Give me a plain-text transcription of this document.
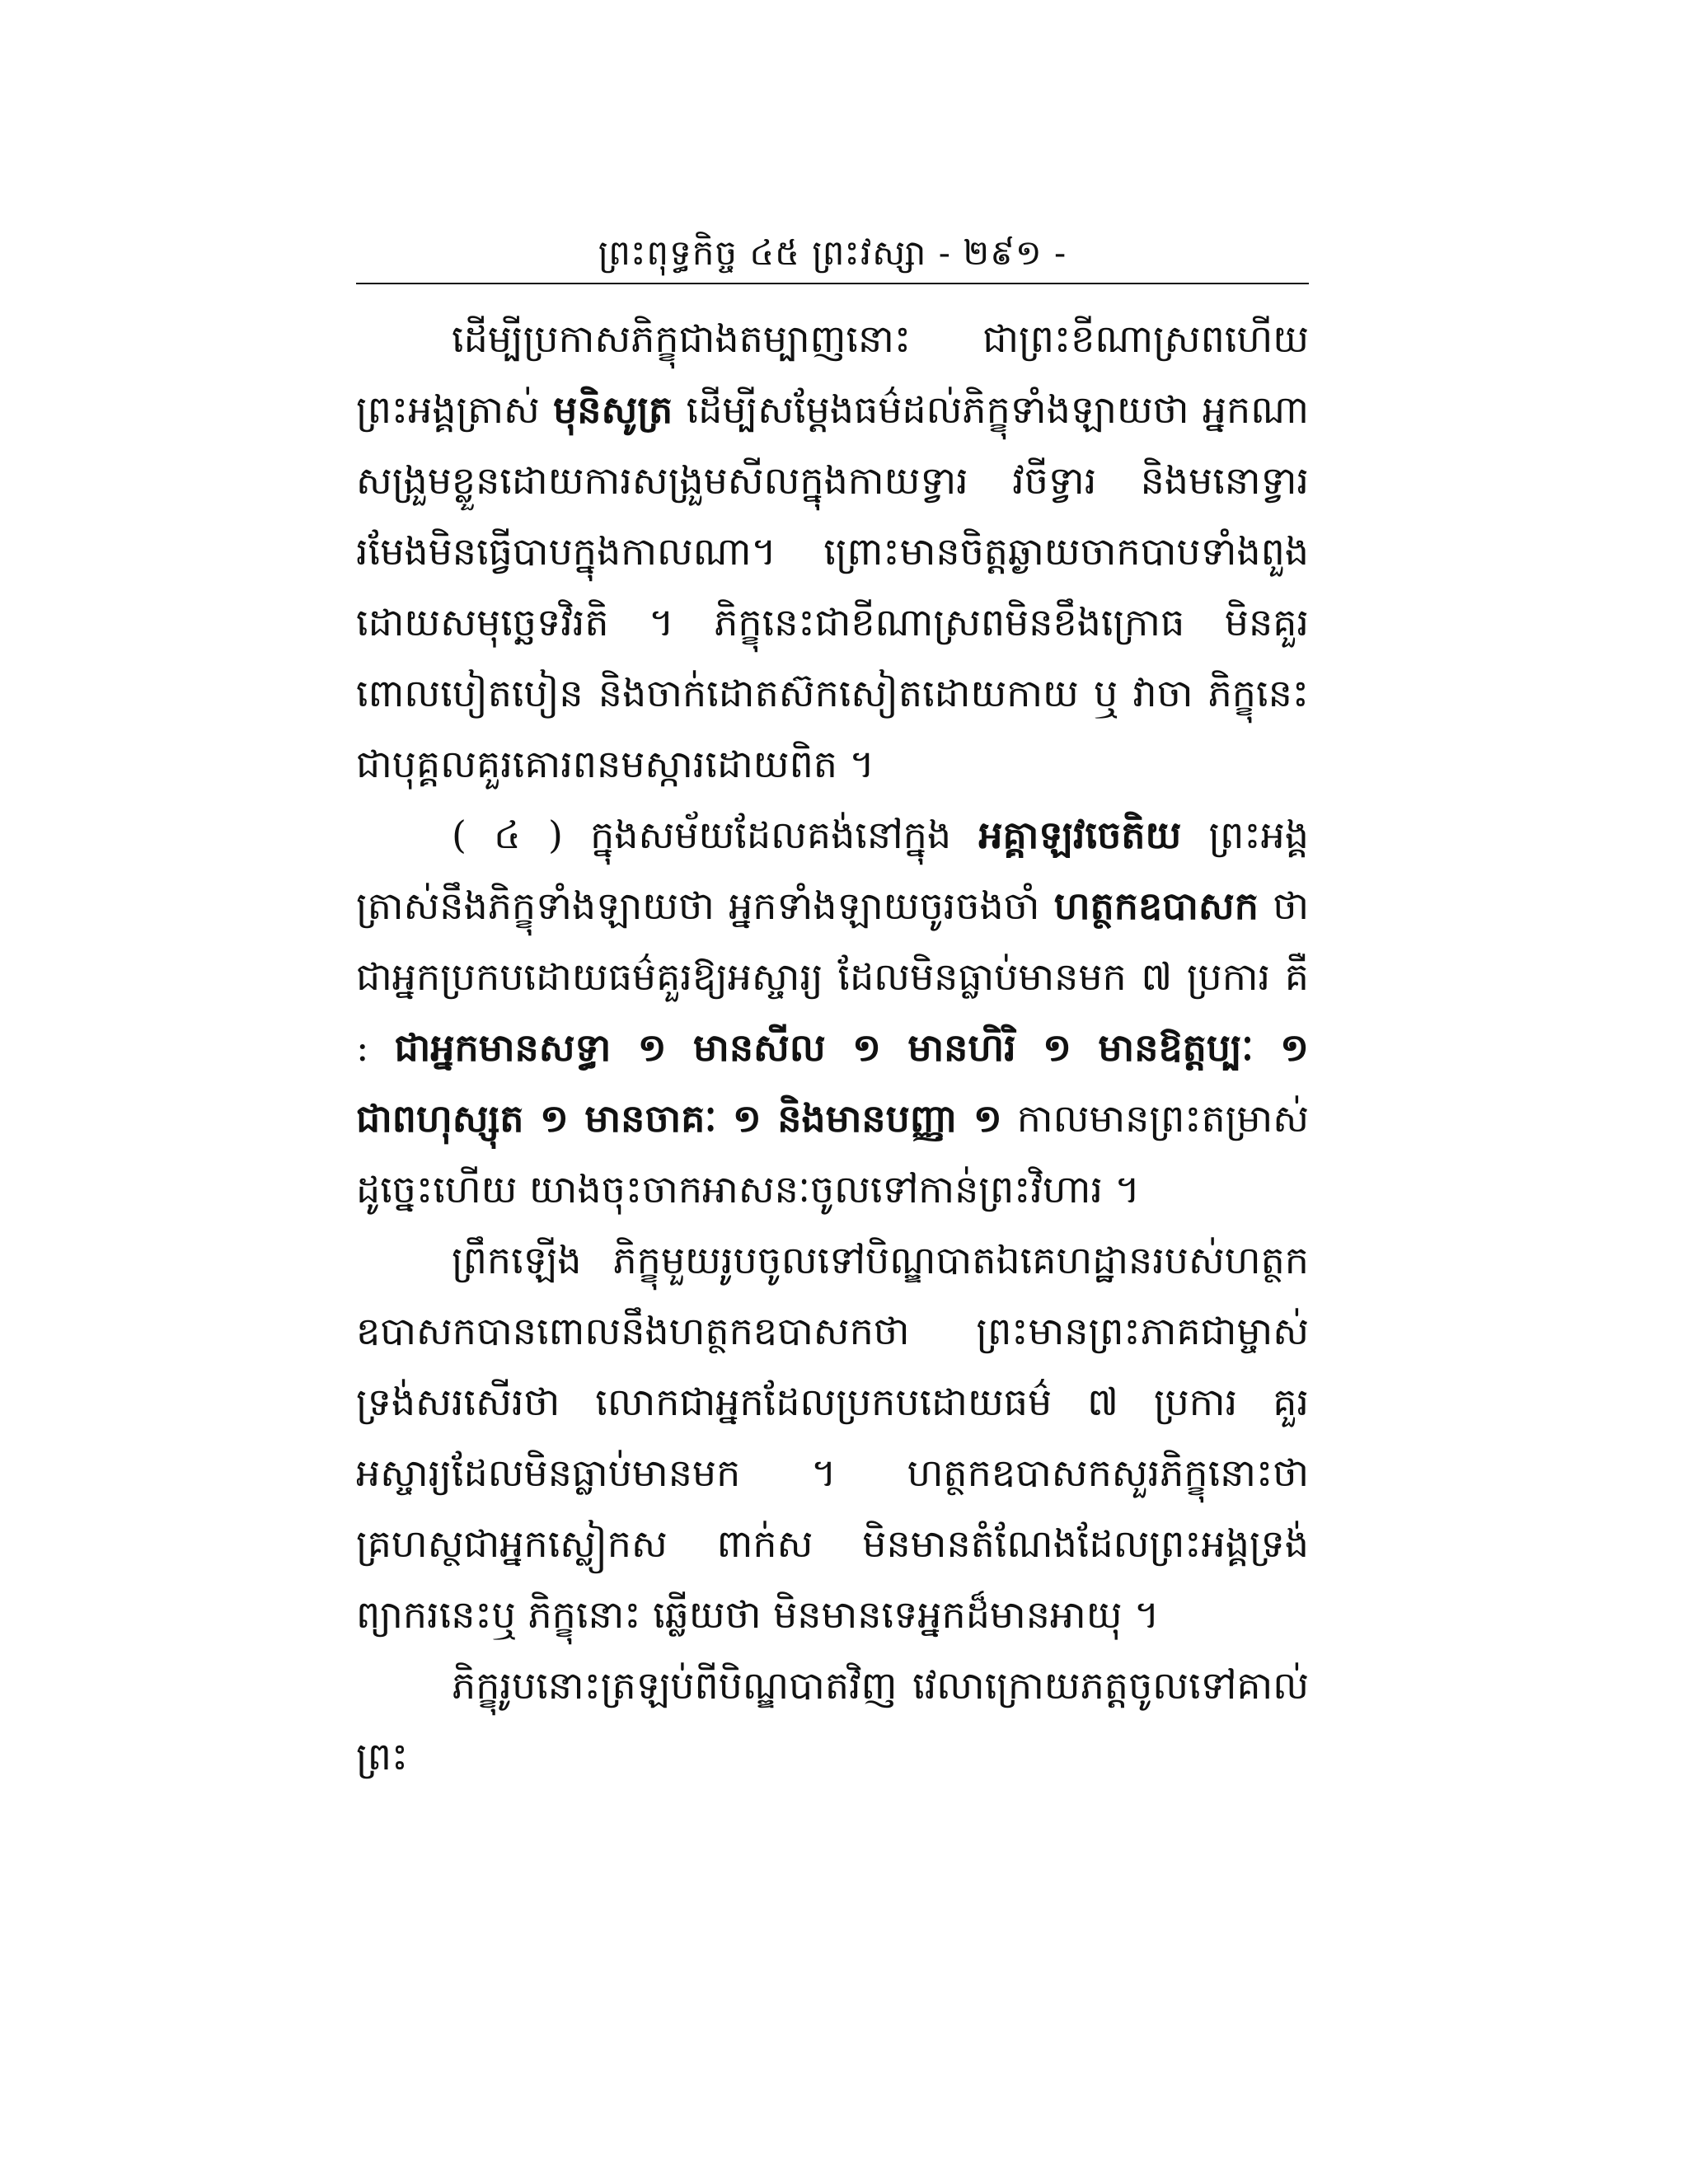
ព្រះពុទ្ធកិច្ច ៤៥ ព្រះវស្សា - ២៩១ -

ដើម្បីប្រកាសភិក្ខុជាងតម្បាញនោះ ជាព្រះខីណាស្រពហើយ ព្រះអង្គត្រាស់ មុនិសូត្រ ដើម្បីសម្តែងធម៌ដល់ភិក្ខុទាំងឡាយថា អ្នកណាសង្រួមខ្លួនដោយការសង្រួមសីលក្នុងកាយទ្វារ វចីទ្វារ និងមនោទ្វារ រមែងមិនធ្វើបាបក្នុងកាលណា។ ព្រោះមានចិត្តឆ្ងាយចាកបាបទាំងពួង ដោយសមុច្ឆេទវិរតិ ។ ភិក្ខុនេះជាខីណាស្រពមិនខឹងក្រោធ មិនគួរពោលបៀតបៀន និងចាក់ដោតស៊កសៀតដោយកាយ ឬ វាចា ភិក្ខុនេះជាបុគ្គលគួរគោរពនមស្ការដោយពិត ។

( ៤ ) ក្នុងសម័យដែលគង់នៅក្នុង អគ្គាឡវចេតិយ ព្រះអង្គត្រាស់នឹងភិក្ខុទាំងឡាយថា អ្នកទាំងឡាយចូរចងចាំ ហត្ថកឧបាសក ថា ជាអ្នកប្រកបដោយធម៌គួរឱ្យអស្ចារ្យ ដែលមិនធ្លាប់មានមក ៧ ប្រការ គឺ : ជាអ្នកមានសទ្ធា ១ មានសីល ១ មានហិរិ ១ មានឱត្តប្បៈ ១ ជាពហុស្សុត ១ មានចាគៈ ១ និងមានបញ្ញា ១ កាលមានព្រះតម្រាស់ ដូច្នេះហើយ យាងចុះចាកអាសនៈចូលទៅកាន់ព្រះវិហារ ។

ព្រឹកឡើង ភិក្ខុមួយរូបចូលទៅបិណ្ឌបាតឯគេហដ្ឋានរបស់ហត្ថកឧបាសកបានពោលនឹងហត្ថកឧបាសកថា ព្រះមានព្រះភាគជាម្ចាស់ទ្រង់សរសើរថា លោកជាអ្នកដែលប្រកបដោយធម៌ ៧ ប្រការ គួរអស្ចារ្យដែលមិនធ្លាប់មានមក ។ ហត្ថកឧបាសកសួរភិក្ខុនោះថា គ្រហស្ថជាអ្នកស្លៀកស ពាក់ស មិនមានតំណែងដែលព្រះអង្គទ្រង់ព្យាករនេះឬ ភិក្ខុនោះ ឆ្លើយថា មិនមានទេអ្នកដ៏មានអាយុ ។

ភិក្ខុរូបនោះត្រឡប់ពីបិណ្ឌបាតវិញ វេលាក្រោយភត្តចូលទៅគាល់ព្រះ
